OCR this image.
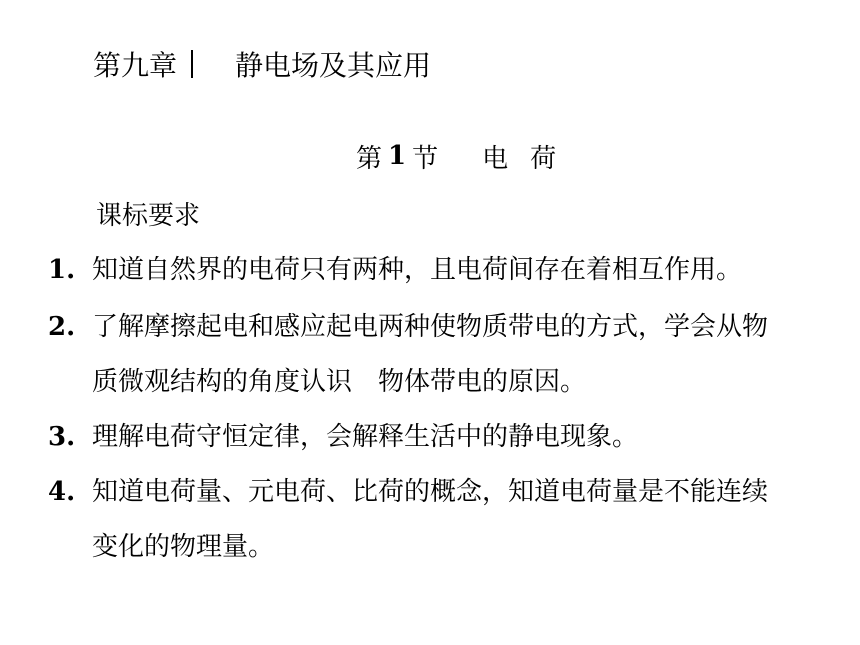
第九章 静电场及其应用
第 1 节 电荷
课标要求
1. 知道自然界的电荷只有两种，且电荷间存在着相互作用。
2. 了解摩擦起电和感应起电两种使物质带电的方式，学会从物
质微观结构的角度认识　物体带电的原因。
3. 理解电荷守恒定律，会解释生活中的静电现象。
4. 知道电荷量、元电荷、比荷的概念，知道电荷量是不能连续
变化的物理量。
